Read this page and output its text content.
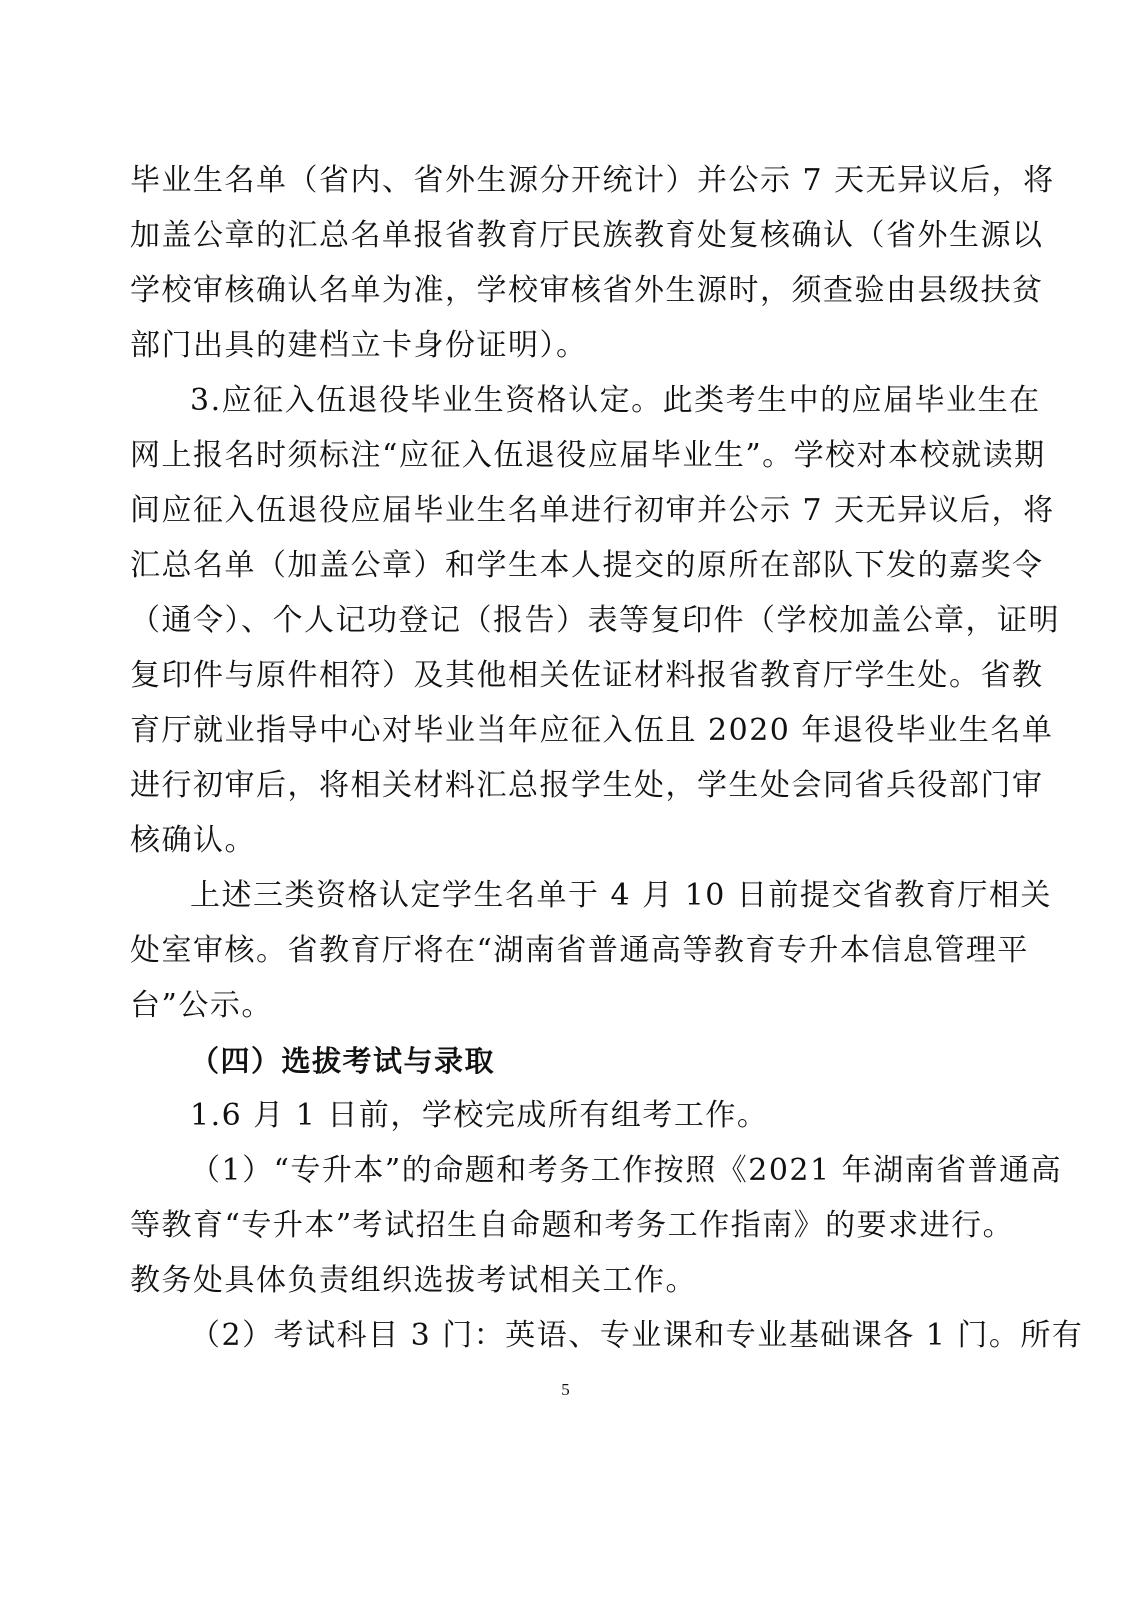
毕业生名单（省内、省外生源分开统计）并公示 7 天无异议后，将
加盖公章的汇总名单报省教育厅民族教育处复核确认（省外生源以
学校审核确认名单为准，学校审核省外生源时，须查验由县级扶贫
部门出具的建档立卡身份证明）。
3.应征入伍退役毕业生资格认定。此类考生中的应届毕业生在
网上报名时须标注“应征入伍退役应届毕业生”。学校对本校就读期
间应征入伍退役应届毕业生名单进行初审并公示 7 天无异议后，将
汇总名单（加盖公章）和学生本人提交的原所在部队下发的嘉奖令
（通令）、个人记功登记（报告）表等复印件（学校加盖公章，证明
复印件与原件相符）及其他相关佐证材料报省教育厅学生处。省教
育厅就业指导中心对毕业当年应征入伍且 2020 年退役毕业生名单
进行初审后，将相关材料汇总报学生处，学生处会同省兵役部门审
核确认。
上述三类资格认定学生名单于 4 月 10 日前提交省教育厅相关
处室审核。省教育厅将在“湖南省普通高等教育专升本信息管理平
台”公示。
（四）选拔考试与录取
1.6 月 1 日前，学校完成所有组考工作。
（1）“专升本”的命题和考务工作按照《2021 年湖南省普通高
等教育“专升本”考试招生自命题和考务工作指南》的要求进行。
教务处具体负责组织选拔考试相关工作。
（2）考试科目 3 门：英语、专业课和专业基础课各 1 门。所有
5
